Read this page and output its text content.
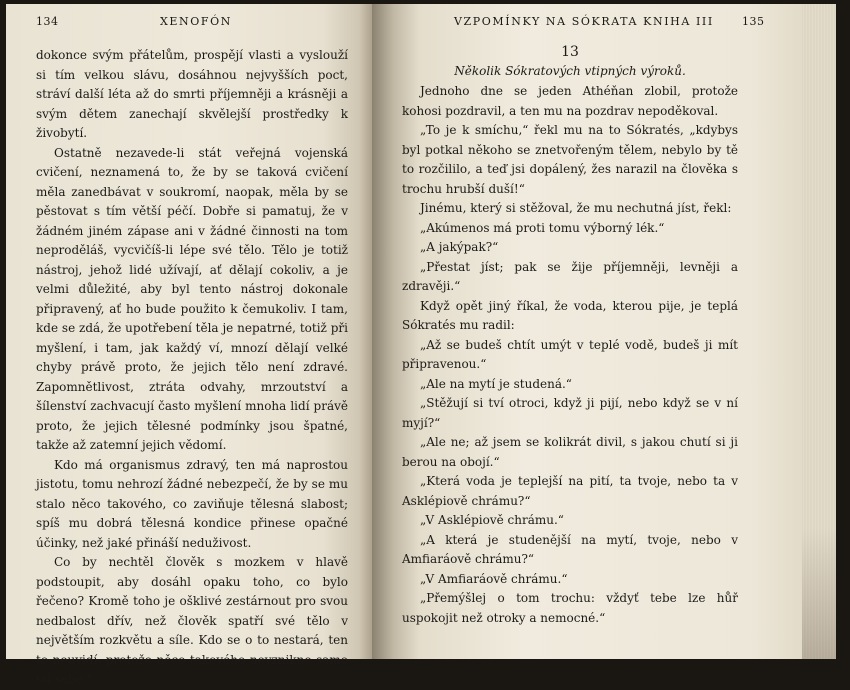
134	XENOFÓN

dokonce svým přátelům, prospějí vlasti a vyslouží si tím velkou slávu, dosáhnou nejvyšších poct, stráví další léta až do smrti příjemněji a krásněji a svým dětem zanechají skvělejší prostředky k živobytí.

Ostatně nezavede-li stát veřejná vojenská cvičení, neznamená to, že by se taková cvičení měla zanedbávat v soukromí, naopak, měla by se pěstovat s tím větší péčí. Dobře si pamatuj, že v žádném jiném zápase ani v žádné činnosti na tom neproděláš, vycvičíš-li lépe své tělo. Tělo je totiž nástroj, jehož lidé užívají, ať dělají cokoliv, a je velmi důležité, aby byl tento nástroj dokonale připravený, ať ho bude použito k čemukoliv. I tam, kde se zdá, že upotřebení těla je nepatrné, totiž při myšlení, i tam, jak každý ví, mnozí dělají velké chyby právě proto, že jejich tělo není zdravé. Zapomnětlivost, ztráta odvahy, mrzoutství a šílenství zachvacují často myšlení mnoha lidí právě proto, že jejich tělesné podmínky jsou špatné, takže až zatemní jejich vědomí.

Kdo má organismus zdravý, ten má naprostou jistotu, tomu nehrozí žádné nebezpečí, že by se mu stalo něco takového, co zaviňuje tělesná slabost; spíš mu dobrá tělesná kondice přinese opačné účinky, než jaké přináší neduživost.

Co by nechtěl člověk s mozkem v hlavě podstoupit, aby dosáhl opaku toho, co bylo řečeno? Kromě toho je ošklivé zestárnout pro svou nedbalost dřív, než člověk spatří své tělo v největším rozkvětu a síle. Kdo se o to nestará, ten to neuvidí, protože něco takového nevznikne samo od sebe.“

VZPOMÍNKY NA SÓKRATA KNIHA III	135
13
Několik Sókratových vtipných výroků.

Jednoho dne se jeden Athéňan zlobil, protože kohosi pozdravil, a ten mu na pozdrav nepoděkoval.

„To je k smíchu,“ řekl mu na to Sókratés, „kdybys byl potkal někoho se znetvořeným tělem, nebylo by tě to rozčililo, a teď jsi dopálený, žes narazil na člověka s trochu hrubší duší!“

Jinému, který si stěžoval, že mu nechutná jíst, řekl:

„Akúmenos má proti tomu výborný lék.“

„A jakýpak?“

„Přestat jíst; pak se žije příjemněji, levněji a zdravěji.“

Když opět jiný říkal, že voda, kterou pije, je teplá Sókratés mu radil:

„Až se budeš chtít umýt v teplé vodě, budeš ji mít připravenou.“

„Ale na mytí je studená.“

„Stěžují si tví otroci, když ji pijí, nebo když se v ní myjí?“

„Ale ne; až jsem se kolikrát divil, s jakou chutí si ji berou na obojí.“

„Která voda je teplejší na pití, ta tvoje, nebo ta v Asklépiově chrámu?“

„V Asklépiově chrámu.“

„A která je studenější na mytí, tvoje, nebo v Amfiaráově chrámu?“

„V Amfiaráově chrámu.“

„Přemýšlej o tom trochu: vždyť tebe lze hůř uspokojit než otroky a nemocné.“
